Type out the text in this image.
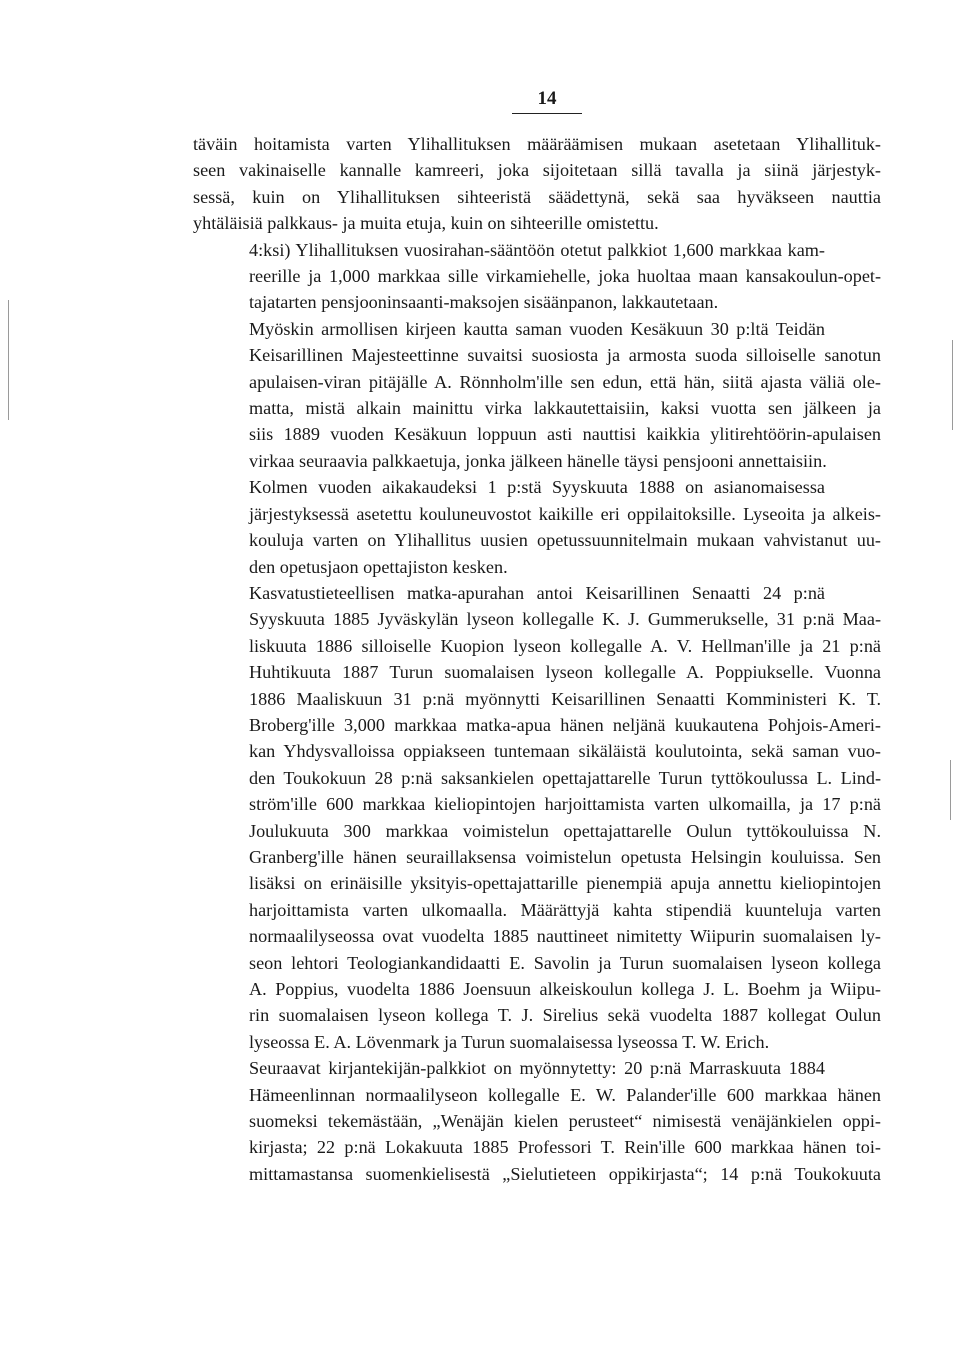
14

täväin hoitamista varten Ylihallituksen määräämisen mukaan asetetaan Ylihallituk-
seen vakinaiselle kannalle kamreeri, joka sijoitetaan sillä tavalla ja siinä järjestyk-
sessä, kuin on Ylihallituksen sihteeristä säädettynä, sekä saa hyväkseen nauttia
yhtäläisiä palkkaus- ja muita etuja, kuin on sihteerille omistettu.

4:ksi) Ylihallituksen vuosirahan-sääntöön otetut palkkiot 1,600 markkaa kam-
reerille ja 1,000 markkaa sille virkamiehelle, joka huoltaa maan kansakoulun-opet-
tajatarten pensjooninsaanti-maksojen sisäänpanon, lakkautetaan.

Myöskin armollisen kirjeen kautta saman vuoden Kesäkuun 30 p:ltä Teidän
Keisarillinen Majesteettinne suvaitsi suosiosta ja armosta suoda silloiselle sanotun
apulaisen-viran pitäjälle A. Rönnholm'ille sen edun, että hän, siitä ajasta väliä ole-
matta, mistä alkain mainittu virka lakkautettaisiin, kaksi vuotta sen jälkeen ja
siis 1889 vuoden Kesäkuun loppuun asti nauttisi kaikkia ylitirehtöörin-apulaisen
virkaa seuraavia palkkaetuja, jonka jälkeen hänelle täysi pensjooni annettaisiin.

Kolmen vuoden aikakaudeksi 1 p:stä Syyskuuta 1888 on asianomaisessa
järjestyksessä asetettu kouluneuvostot kaikille eri oppilaitoksille. Lyseoita ja alkeis-
kouluja varten on Ylihallitus uusien opetussuunnitelmain mukaan vahvistanut uu-
den opetusjaon opettajiston kesken.

Kasvatustieteellisen matka-apurahan antoi Keisarillinen Senaatti 24 p:nä
Syyskuuta 1885 Jyväskylän lyseon kollegalle K. J. Gummerukselle, 31 p:nä Maa-
liskuuta 1886 silloiselle Kuopion lyseon kollegalle A. V. Hellman'ille ja 21 p:nä
Huhtikuuta 1887 Turun suomalaisen lyseon kollegalle A. Poppiukselle. Vuonna
1886 Maaliskuun 31 p:nä myönnytti Keisarillinen Senaatti Komministeri K. T.
Broberg'ille 3,000 markkaa matka-apua hänen neljänä kuukautena Pohjois-Ameri-
kan Yhdysvalloissa oppiakseen tuntemaan sikäläistä koulutointa, sekä saman vuo-
den Toukokuun 28 p:nä saksankielen opettajattarelle Turun tyttökoulussa L. Lind-
ström'ille 600 markkaa kieliopintojen harjoittamista varten ulkomailla, ja 17 p:nä
Joulukuuta 300 markkaa voimistelun opettajattarelle Oulun tyttökouluissa N.
Granberg'ille hänen seuraillaksensa voimistelun opetusta Helsingin kouluissa. Sen
lisäksi on erinäisille yksityis-opettajattarille pienempiä apuja annettu kieliopintojen
harjoittamista varten ulkomaalla. Määrättyjä kahta stipendiä kuunteluja varten
normaalilyseossa ovat vuodelta 1885 nauttineet nimitetty Wiipurin suomalaisen ly-
seon lehtori Teologiankandidaatti E. Savolin ja Turun suomalaisen lyseon kollega
A. Poppius, vuodelta 1886 Joensuun alkeiskoulun kollega J. L. Boehm ja Wiipu-
rin suomalaisen lyseon kollega T. J. Sirelius sekä vuodelta 1887 kollegat Oulun
lyseossa E. A. Lövenmark ja Turun suomalaisessa lyseossa T. W. Erich.

Seuraavat kirjantekijän-palkkiot on myönnytetty: 20 p:nä Marraskuuta 1884
Hämeenlinnan normaalilyseon kollegalle E. W. Palander'ille 600 markkaa hänen
suomeksi tekemästään, „Wenäjän kielen perusteet“ nimisestä venäjänkielen oppi-
kirjasta; 22 p:nä Lokakuuta 1885 Professori T. Rein'ille 600 markkaa hänen toi-
mittamastansa suomenkielisestä „Sielutieteen oppikirjasta“; 14 p:nä Toukokuuta
